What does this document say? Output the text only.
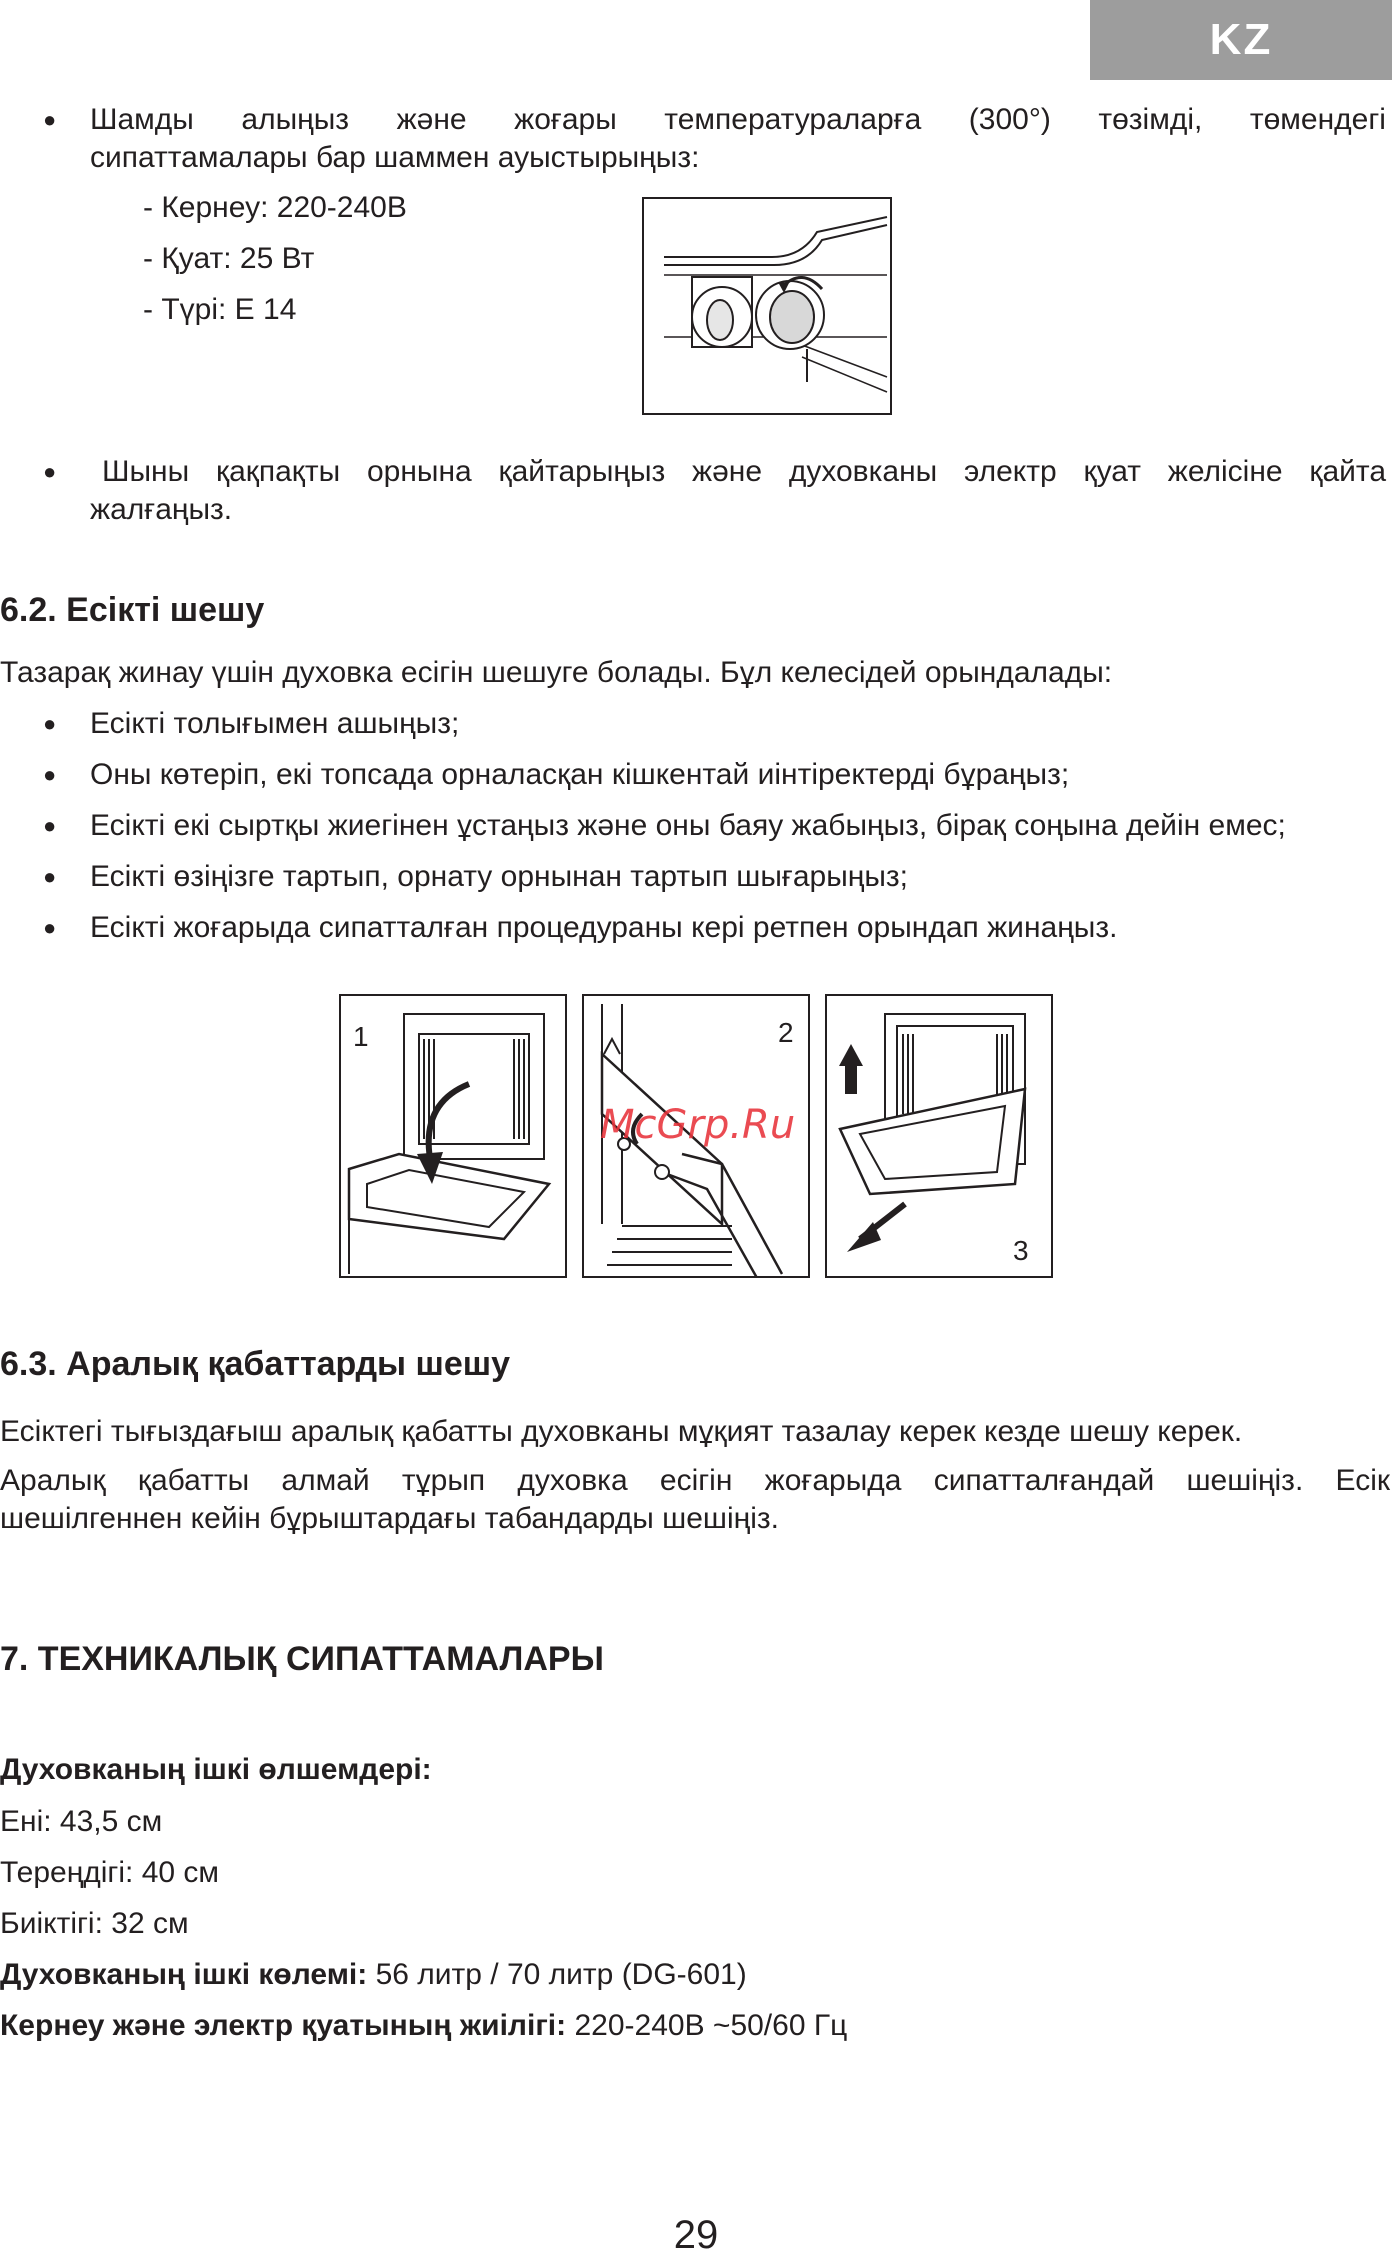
KZ
● Шамды алыңыз және жоғары температураларға (300°) төзімді, төмендегі
сипаттамалары бар шаммен ауыстырыңыз:
- Кернеу: 220-240В
- Қуат: 25 Вт
- Түрі: Е 14
● Шыны қақпақты орнына қайтарыңыз және духовканы электр қуат желісіне қайта
жалғаңыз.
6.2. Есікті шешу
Тазарақ жинау үшін духовка есігін шешуге болады. Бұл келесідей орындалады:
● Есікті толығымен ашыңыз;
● Оны көтеріп, екі топсада орналасқан кішкентай иінтіректерді бұраңыз;
● Есікті екі сыртқы жиегінен ұстаңыз және оны баяу жабыңыз, бірақ соңына дейін емес;
● Есікті өзіңізге тартып, орнату орнынан тартып шығарыңыз;
● Есікті жоғарыда сипатталған процедураны кері ретпен орындап жинаңыз.
1	2
3
McGrp.Ru
6.3. Аралық қабаттарды шешу
Есіктегі тығыздағыш аралық қабатты духовканы мұқият тазалау керек кезде шешу керек.
Аралық қабатты алмай тұрып духовка есігін жоғарыда сипатталғандай шешіңіз. Есік
шешілгеннен кейін бұрыштардағы табандарды шешіңіз.
7. ТЕХНИКАЛЫҚ СИПАТТАМАЛАРЫ
Духовканың ішкі өлшемдері:
Ені: 43,5 см
Тереңдігі: 40 см
Биіктігі: 32 см
Духовканың ішкі көлемі: 56 литр / 70 литр (DG-601)
Кернеу және электр қуатының жиілігі: 220-240В ~50/60 Гц
29
